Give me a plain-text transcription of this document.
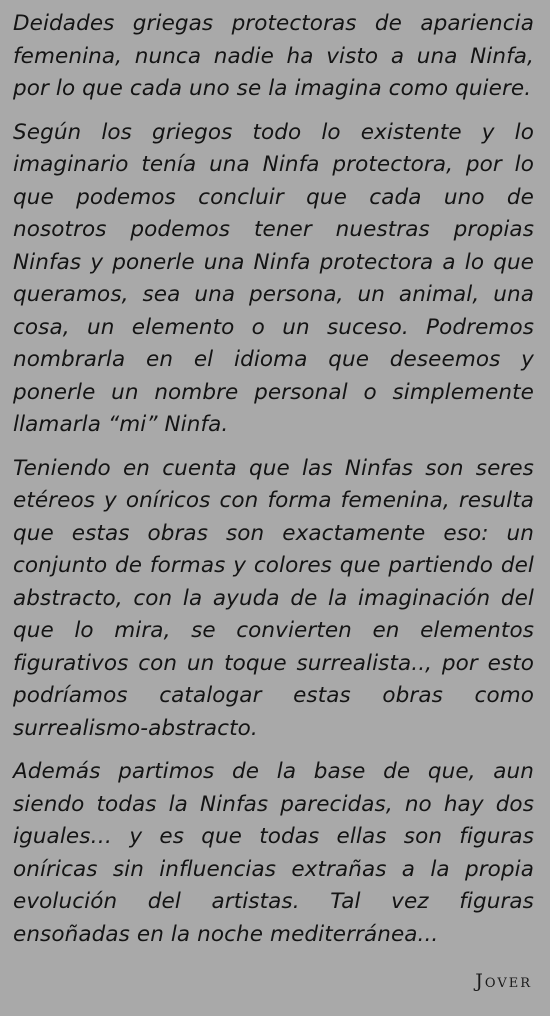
Deidades griegas protectoras de apariencia femenina, nunca nadie ha visto a una Ninfa, por lo que cada uno se la imagina como quiere.

Según los griegos todo lo existente y lo imaginario tenía una Ninfa protectora, por lo que podemos concluir que cada uno de nosotros podemos tener nuestras propias Ninfas y ponerle una Ninfa protectora a lo que queramos, sea una persona, un animal, una cosa, un elemento o un suceso. Podremos nombrarla en el idioma que deseemos y ponerle un nombre personal o simplemente llamarla “mi” Ninfa.

Teniendo en cuenta que las Ninfas son seres etéreos y oníricos con forma femenina, resulta que estas obras son exactamente eso: un conjunto de formas y colores que partiendo del abstracto, con la ayuda de la imaginación del que lo mira, se convierten en elementos figurativos con un toque surrealista.., por esto podríamos catalogar estas obras como surrealismo-abstracto.

Además partimos de la base de que, aun siendo todas la Ninfas parecidas, no hay dos iguales… y es que todas ellas son figuras oníricas sin influencias extrañas a la propia evolución del artistas. Tal vez figuras ensoñadas en la noche mediterránea...

Jover
